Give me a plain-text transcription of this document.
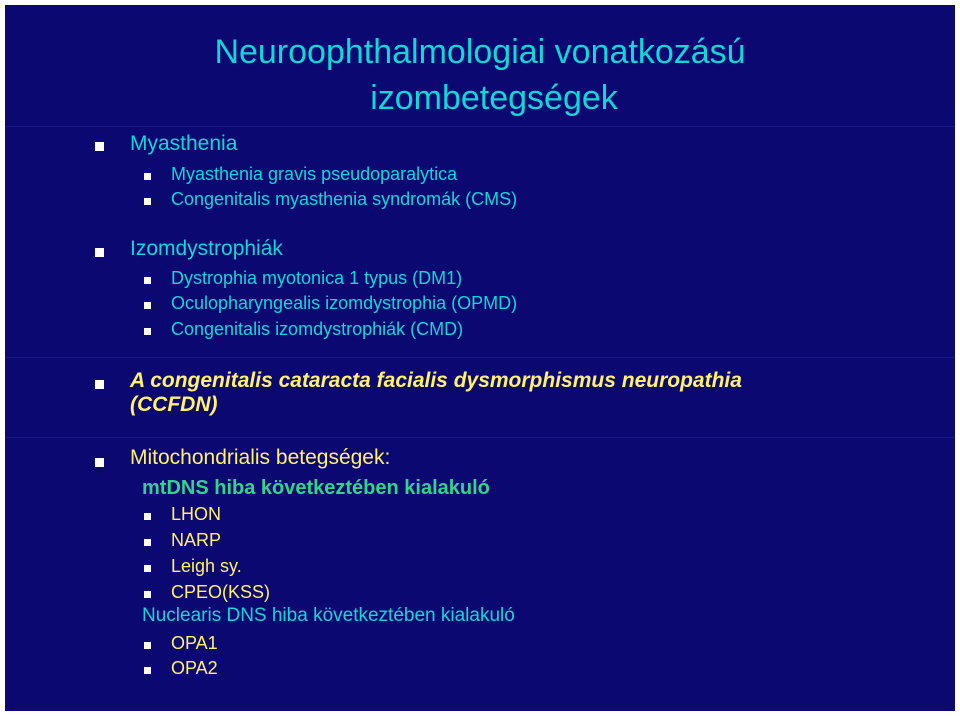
Neuroophthalmologiai vonatkozású
izombetegségek
Myasthenia
Myasthenia gravis pseudoparalytica
Congenitalis myasthenia syndromák (CMS)
Izomdystrophiák
Dystrophia myotonica 1 typus (DM1)
Oculopharyngealis izomdystrophia (OPMD)
Congenitalis izomdystrophiák (CMD)
A congenitalis cataracta facialis dysmorphismus neuropathia
(CCFDN)
Mitochondrialis betegségek:
mtDNS hiba következtében kialakuló
LHON
NARP
Leigh sy.
CPEO(KSS)
Nuclearis DNS hiba következtében kialakuló
OPA1
OPA2
